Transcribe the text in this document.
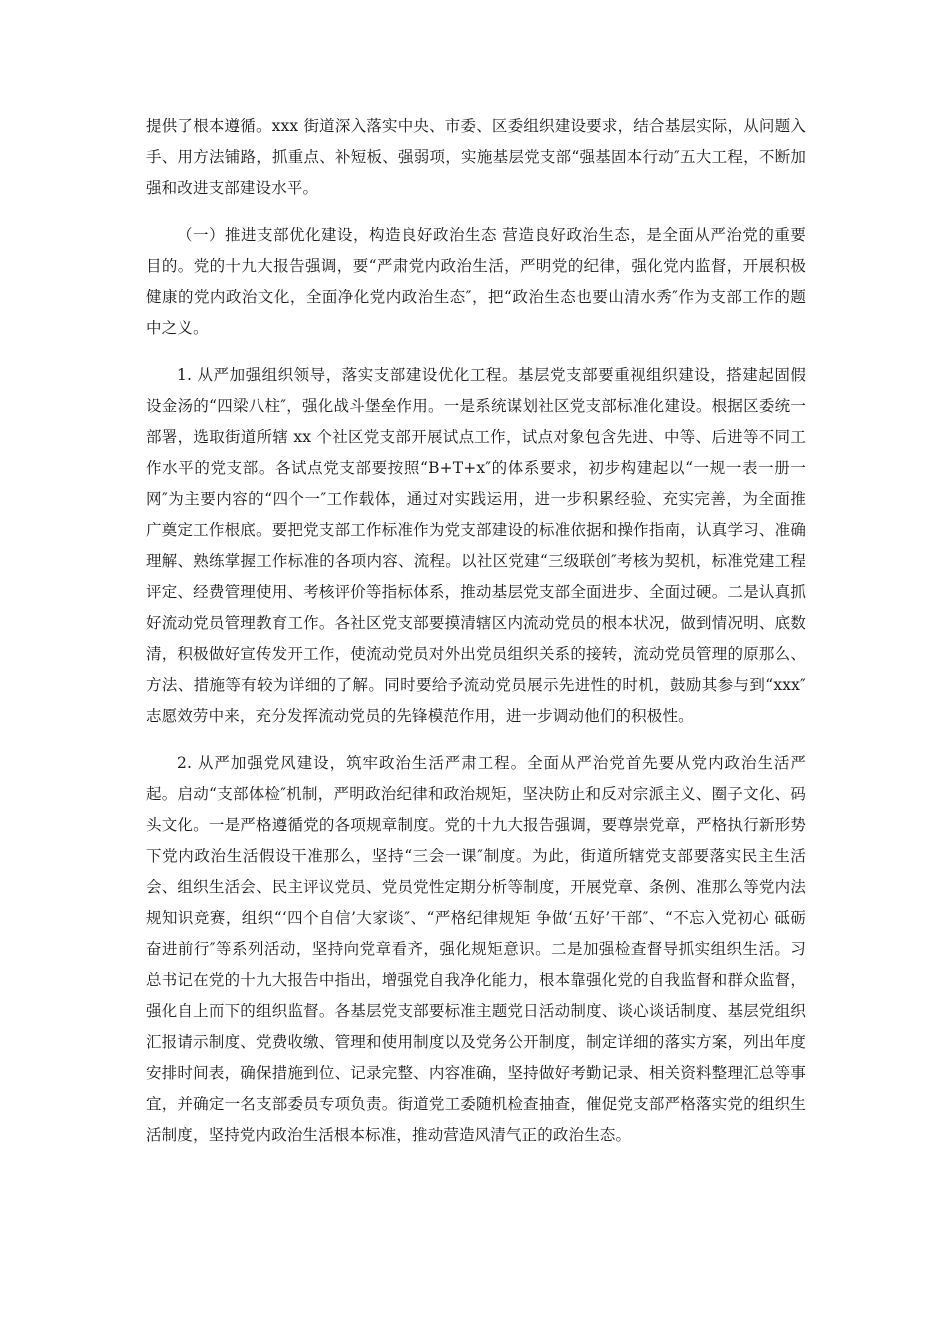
提供了根本遵循。xxx 街道深入落实中央、市委、区委组织建设要求，结合基层实际，从问题入手、用方法铺路，抓重点、补短板、强弱项，实施基层党支部“强基固本行动″五大工程，不断加强和改进支部建设水平。

（一）推进支部优化建设，构造良好政治生态 营造良好政治生态，是全面从严治党的重要目的。党的十九大报告强调，要“严肃党内政治生活，严明党的纪律，强化党内监督，开展积极健康的党内政治文化，全面净化党内政治生态″，把“政治生态也要山清水秀″作为支部工作的题中之义。

1. 从严加强组织领导，落实支部建设优化工程。基层党支部要重视组织建设，搭建起固假设金汤的“四梁八柱″，强化战斗堡垒作用。一是系统谋划社区党支部标准化建设。根据区委统一部署，选取街道所辖 xx 个社区党支部开展试点工作，试点对象包含先进、中等、后进等不同工作水平的党支部。各试点党支部要按照“B+T+x″的体系要求，初步构建起以“一规一表一册一网″为主要内容的“四个一″工作载体，通过对实践运用，进一步积累经验、充实完善，为全面推广奠定工作根底。要把党支部工作标准作为党支部建设的标准依据和操作指南，认真学习、准确理解、熟练掌握工作标准的各项内容、流程。以社区党建“三级联创″考核为契机，标准党建工程评定、经费管理使用、考核评价等指标体系，推动基层党支部全面进步、全面过硬。二是认真抓好流动党员管理教育工作。各社区党支部要摸清辖区内流动党员的根本状况，做到情况明、底数清，积极做好宣传发开工作，使流动党员对外出党员组织关系的接转，流动党员管理的原那么、方法、措施等有较为详细的了解。同时要给予流动党员展示先进性的时机，鼓励其参与到“xxx″志愿效劳中来，充分发挥流动党员的先锋模范作用，进一步调动他们的积极性。

2. 从严加强党风建设，筑牢政治生活严肃工程。全面从严治党首先要从党内政治生活严起。启动“支部体检″机制，严明政治纪律和政治规矩，坚决防止和反对宗派主义、圈子文化、码头文化。一是严格遵循党的各项规章制度。党的十九大报告强调，要尊崇党章，严格执行新形势下党内政治生活假设干准那么，坚持“三会一课″制度。为此，街道所辖党支部要落实民主生活会、组织生活会、民主评议党员、党员党性定期分析等制度，开展党章、条例、准那么等党内法规知识竞赛，组织“‘四个自信’大家谈″、“严格纪律规矩 争做‘五好’干部″、“不忘入党初心 砥砺奋进前行″等系列活动，坚持向党章看齐，强化规矩意识。二是加强检查督导抓实组织生活。习总书记在党的十九大报告中指出，增强党自我净化能力，根本靠强化党的自我监督和群众监督，强化自上而下的组织监督。各基层党支部要标准主题党日活动制度、谈心谈话制度、基层党组织汇报请示制度、党费收缴、管理和使用制度以及党务公开制度，制定详细的落实方案，列出年度安排时间表，确保措施到位、记录完整、内容准确，坚持做好考勤记录、相关资料整理汇总等事宜，并确定一名支部委员专项负责。街道党工委随机检查抽查，催促党支部严格落实党的组织生活制度，坚持党内政治生活根本标准，推动营造风清气正的政治生态。
